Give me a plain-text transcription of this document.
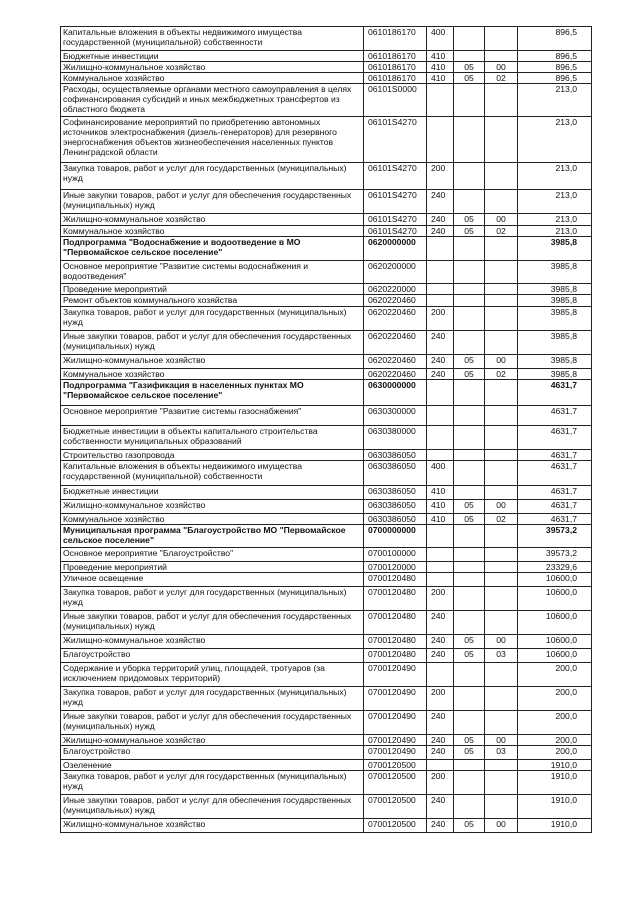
Капитальные вложения в объекты недвижимого имущества государственной (муниципальной) собственности	0610186170	400			896,5
Бюджетные инвестиции	0610186170	410			896,5
Жилищно-коммунальное хозяйство	0610186170	410	05	00	896,5
Коммунальное хозяйство	0610186170	410	05	02	896,5
Расходы, осуществляемые органами местного самоуправления в целях софинансирования субсидий и иных межбюджетных трансфертов из областного бюджета	06101S0000				213,0
Софинансирование мероприятий по приобретению автономных источников электроснабжения (дизель-генераторов) для резервного энергоснабжения объектов жизнеобеспечения населенных пунктов Ленинградской области	06101S4270				213,0
Закупка товаров, работ и услуг для государственных (муниципальных) нужд	06101S4270	200			213,0
Иные закупки товаров, работ и услуг для обеспечения государственных (муниципальных) нужд	06101S4270	240			213,0
Жилищно-коммунальное хозяйство	06101S4270	240	05	00	213,0
Коммунальное хозяйство	06101S4270	240	05	02	213,0
Подпрограмма "Водоснабжение и водоотведение в МО "Первомайское сельское поселение"	0620000000				3985,8
Основное мероприятие "Развитие системы водоснабжения и водоотведения"	0620200000				3985,8
Проведение мероприятий	0620220000				3985,8
Ремонт объектов коммунального хозяйства	0620220460				3985,8
Закупка товаров, работ и услуг для государственных (муниципальных) нужд	0620220460	200			3985,8
Иные закупки товаров, работ и услуг для обеспечения государственных (муниципальных) нужд	0620220460	240			3985,8
Жилищно-коммунальное хозяйство	0620220460	240	05	00	3985,8
Коммунальное хозяйство	0620220460	240	05	02	3985,8
Подпрограмма "Газификация в населенных пунктах МО "Первомайское сельское поселение"	0630000000				4631,7
Основное мероприятие "Развитие системы газоснабжения"	0630300000				4631,7
Бюджетные инвестиции в объекты капитального строительства собственности муниципальных образований	0630380000				4631,7
Строительство газопровода	0630386050				4631,7
Капитальные вложения в объекты недвижимого имущества государственной (муниципальной) собственности	0630386050	400			4631,7
Бюджетные инвестиции	0630386050	410			4631,7
Жилищно-коммунальное хозяйство	0630386050	410	05	00	4631,7
Коммунальное хозяйство	0630386050	410	05	02	4631,7
Муниципальная программа "Благоустройство МО "Первомайское сельское поселение"	0700000000				39573,2
Основное мероприятие "Благоустройство"	0700100000				39573,2
Проведение мероприятий	0700120000				23329,6
Уличное освещение	0700120480				10600,0
Закупка товаров, работ и услуг для государственных (муниципальных) нужд	0700120480	200			10600,0
Иные закупки товаров, работ и услуг для обеспечения государственных (муниципальных) нужд	0700120480	240			10600,0
Жилищно-коммунальное хозяйство	0700120480	240	05	00	10600,0
Благоустройство	0700120480	240	05	03	10600,0
Содержание и уборка территорий улиц, площадей, тротуаров (за исключением придомовых территорий)	0700120490				200,0
Закупка товаров, работ и услуг для государственных (муниципальных) нужд	0700120490	200			200,0
Иные закупки товаров, работ и услуг для обеспечения государственных (муниципальных) нужд	0700120490	240			200,0
Жилищно-коммунальное хозяйство	0700120490	240	05	00	200,0
Благоустройство	0700120490	240	05	03	200,0
Озеленение	0700120500				1910,0
Закупка товаров, работ и услуг для государственных (муниципальных) нужд	0700120500	200			1910,0
Иные закупки товаров, работ и услуг для обеспечения государственных (муниципальных) нужд	0700120500	240			1910,0
Жилищно-коммунальное хозяйство	0700120500	240	05	00	1910,0
